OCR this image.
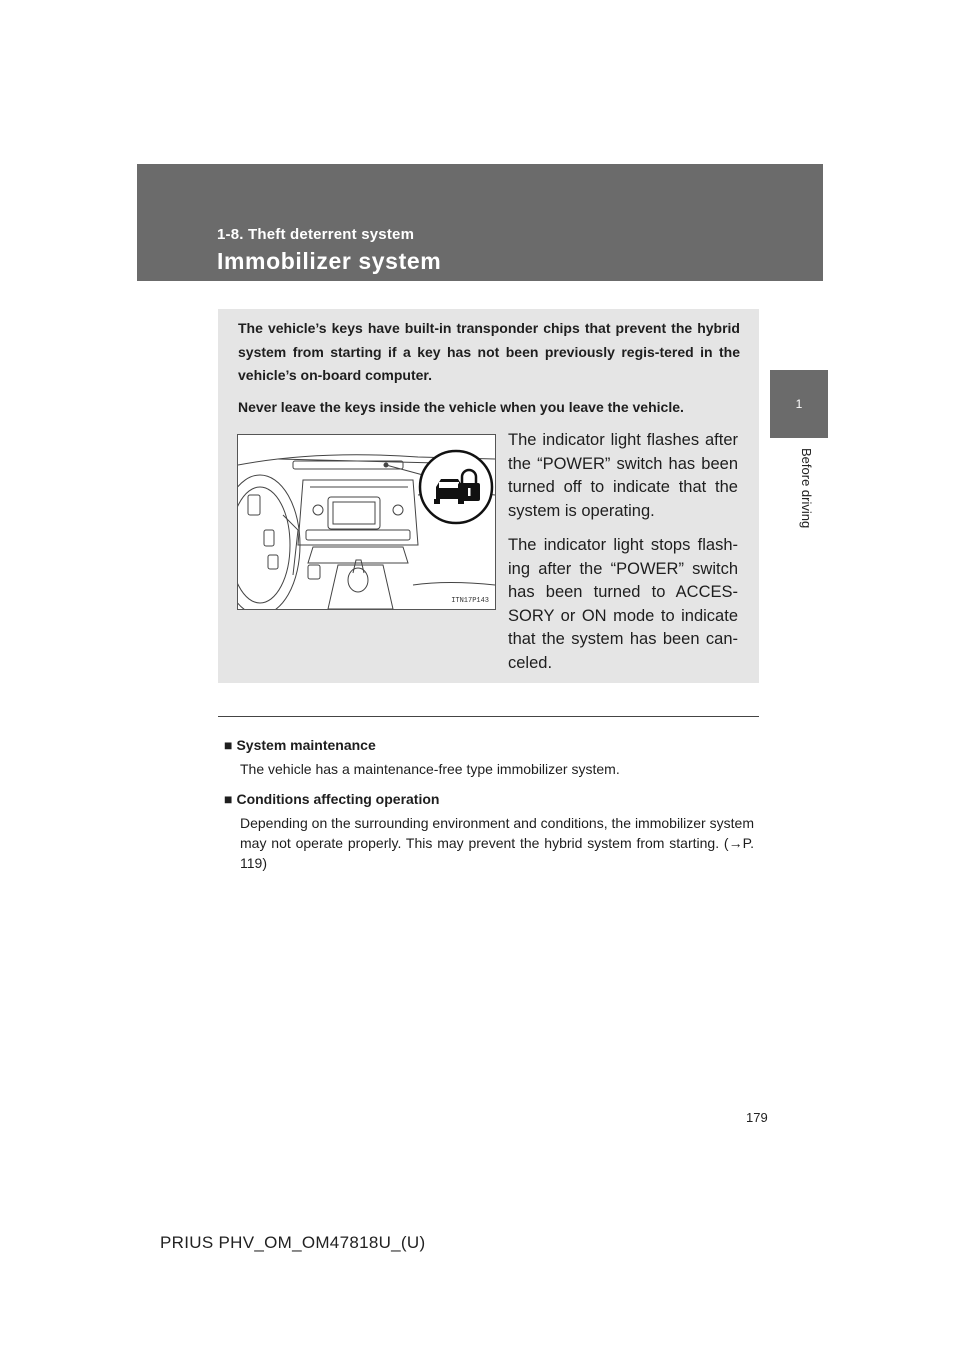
1-8. Theft deterrent system
Immobilizer system
1
Before driving

The vehicle’s keys have built-in transponder chips that prevent the hybrid system from starting if a key has not been previously regis-tered in the vehicle’s on-board computer.

Never leave the keys inside the vehicle when you leave the vehicle.

ITN17P143

The indicator light flashes after the “POWER” switch has been turned off to indicate that the system is operating.

The indicator light stops flash-ing after the “POWER” switch has been turned to ACCES-SORY or ON mode to indicate that the system has been can-celed.

■ System maintenance

The vehicle has a maintenance-free type immobilizer system.

■ Conditions affecting operation

Depending on the surrounding environment and conditions, the immobilizer system may not operate properly. This may prevent the hybrid system from starting. (→P. 119)

179
PRIUS PHV_OM_OM47818U_(U)
